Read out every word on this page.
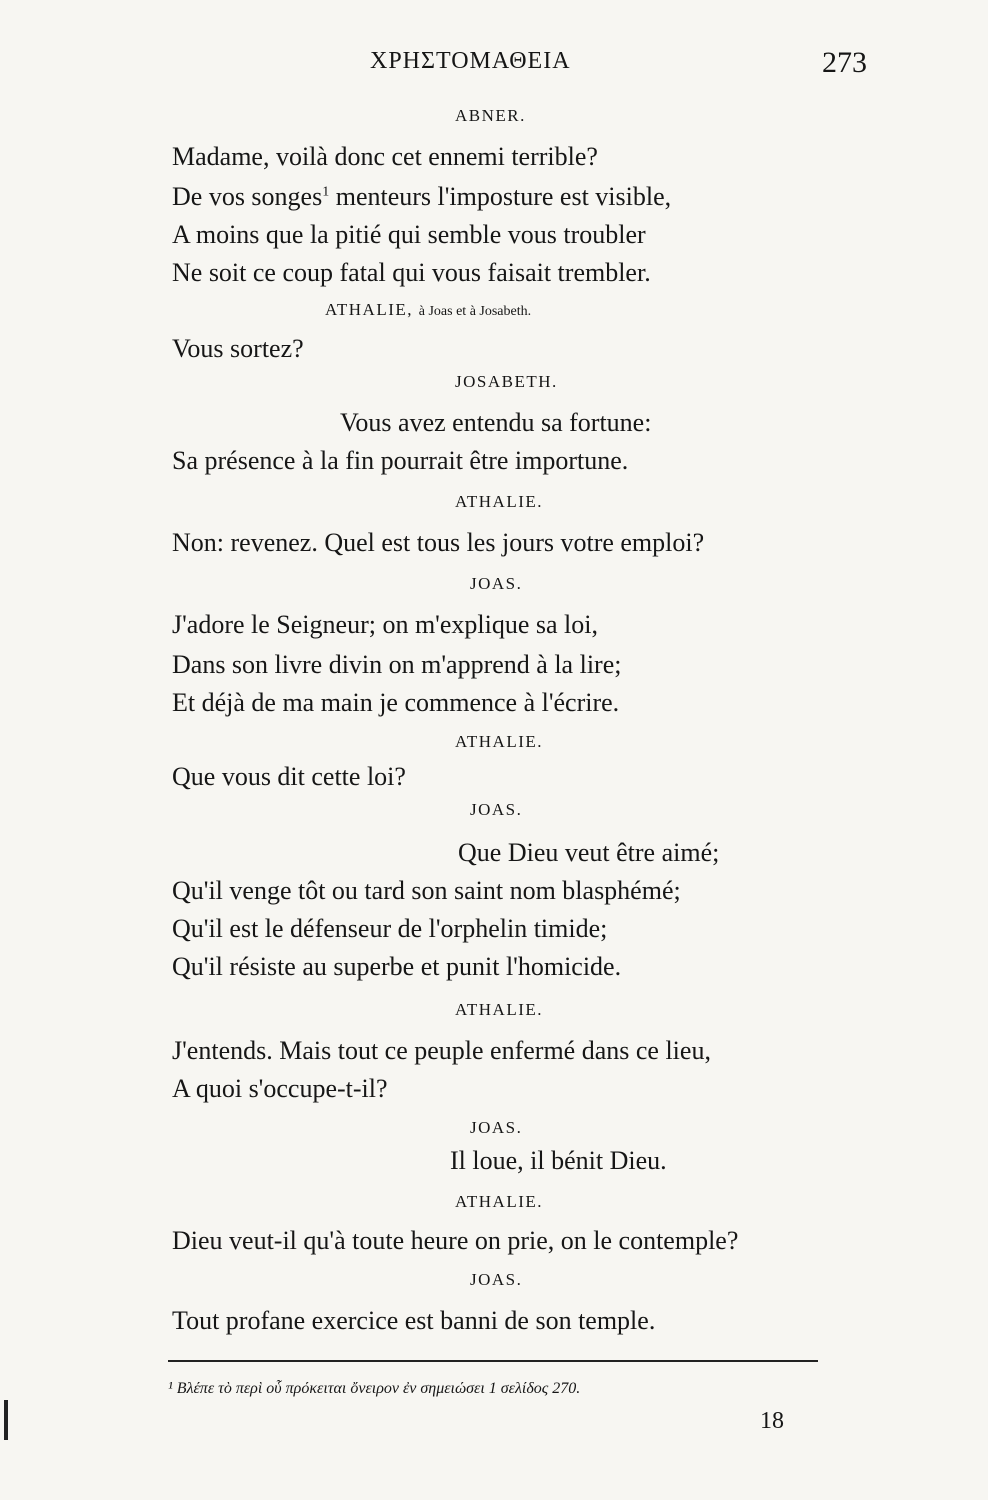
ΧΡΗΣΤΟΜΑΘΕΙΑ	273
ABNER.
Madame, voilà donc cet ennemi terrible?
De vos songes$^1$ menteurs l'imposture est visible,
A moins que la pitié qui semble vous troubler
Ne soit ce coup fatal qui vous faisait trembler.
ATHALIE, à Joas et à Josabeth.
Vous sortez?
JOSABETH.
Vous avez entendu sa fortune:
Sa présence à la fin pourrait être importune.
ATHALIE.
Non: revenez. Quel est tous les jours votre emploi?
JOAS.
J'adore le Seigneur; on m'explique sa loi,
Dans son livre divin on m'apprend à la lire;
Et déjà de ma main je commence à l'écrire.
ATHALIE.
Que vous dit cette loi?
JOAS.
Que Dieu veut être aimé;
Qu'il venge tôt ou tard son saint nom blasphémé;
Qu'il est le défenseur de l'orphelin timide;
Qu'il résiste au superbe et punit l'homicide.
ATHALIE.
J'entends. Mais tout ce peuple enfermé dans ce lieu,
A quoi s'occupe-t-il?
JOAS.
Il loue, il bénit Dieu.
ATHALIE.
Dieu veut-il qu'à toute heure on prie, on le contemple?
JOAS.
Tout profane exercice est banni de son temple.
¹ Βλέπε τὸ περὶ οὗ πρόκειται ὄνειρον ἐν σημειώσει 1 σελίδος 270.
18
